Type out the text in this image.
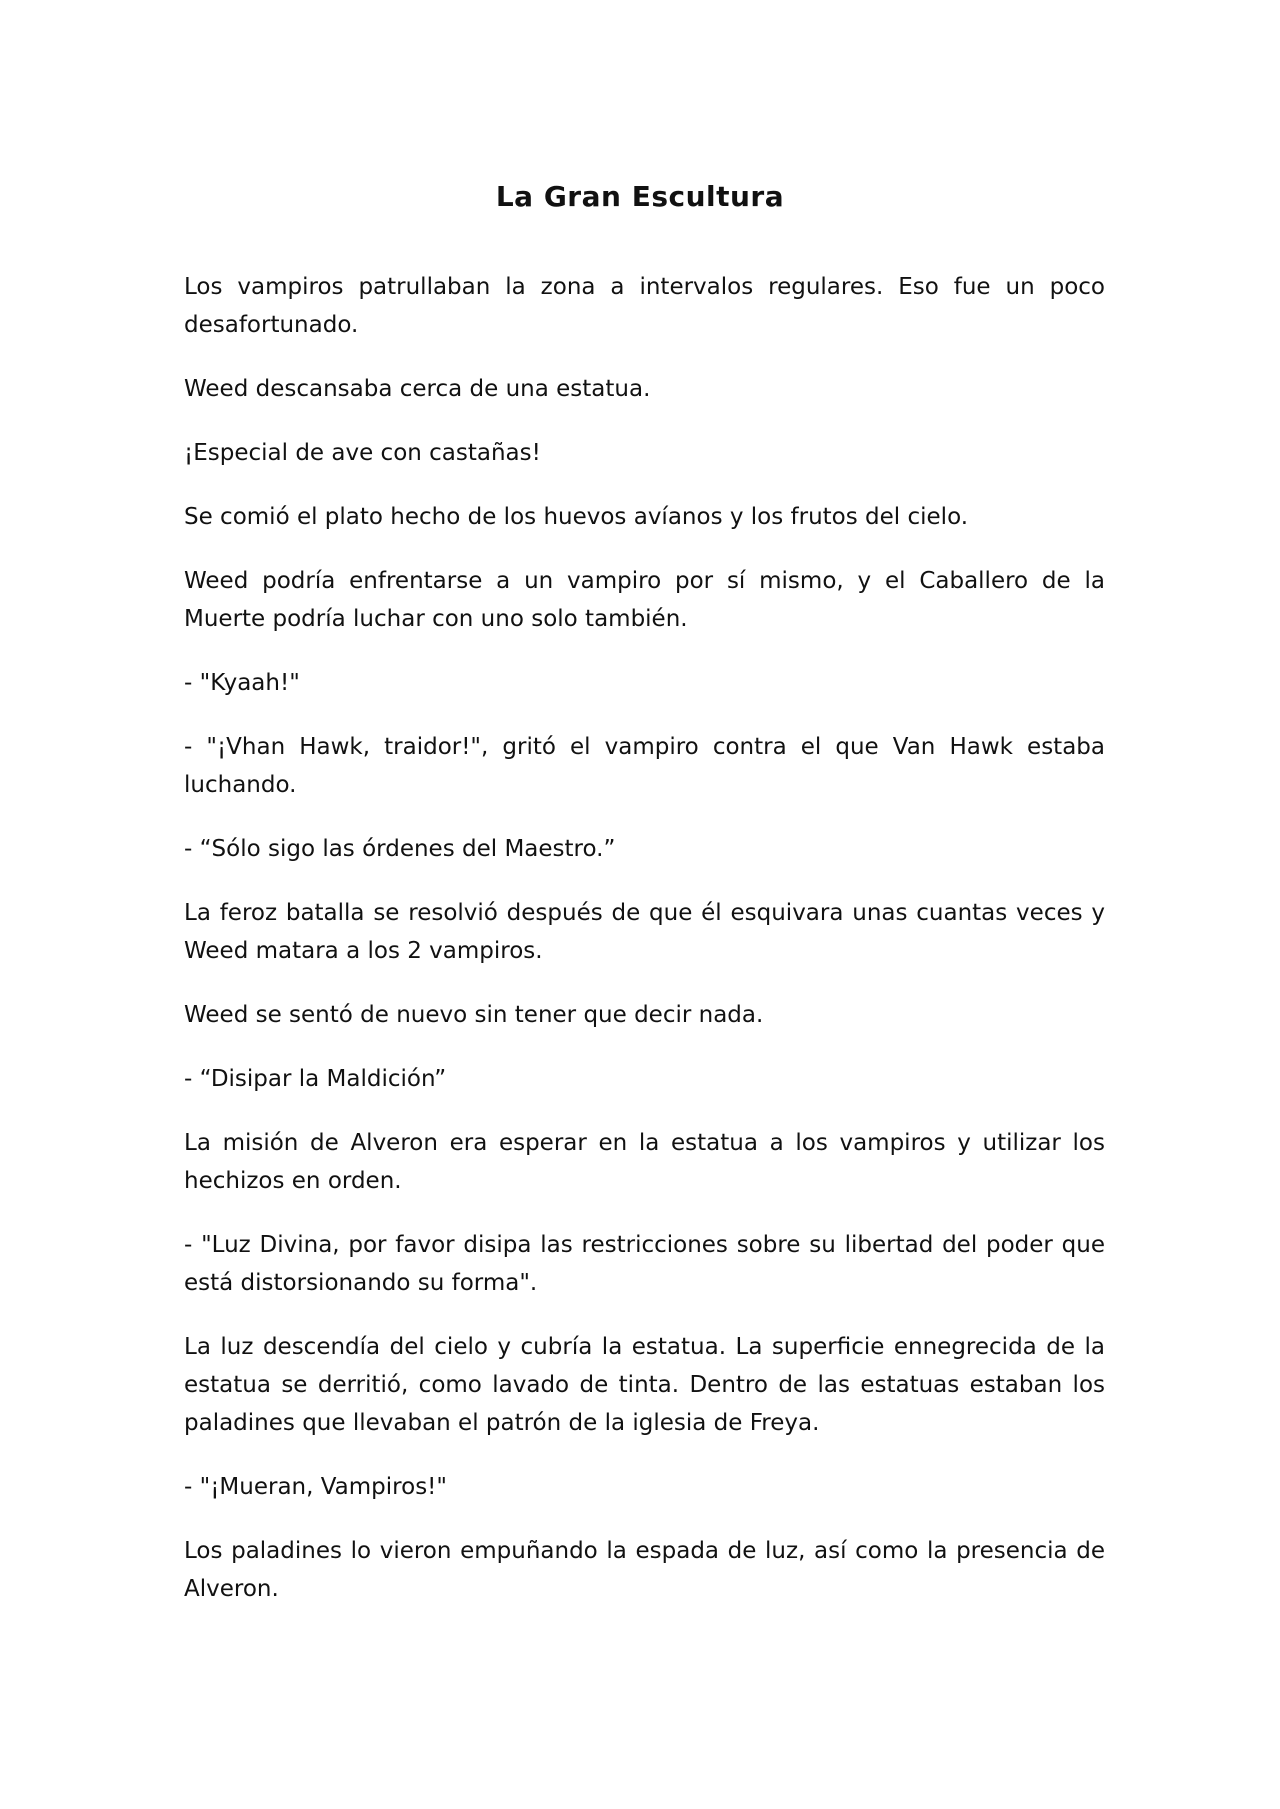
La Gran Escultura

Los vampiros patrullaban la zona a intervalos regulares. Eso fue un poco desafortunado.

Weed descansaba cerca de una estatua.

¡Especial de ave con castañas!

Se comió el plato hecho de los huevos avíanos y los frutos del cielo.

Weed podría enfrentarse a un vampiro por sí mismo, y el Caballero de la Muerte podría luchar con uno solo también.

- "Kyaah!"

- "¡Vhan Hawk, traidor!", gritó el vampiro contra el que Van Hawk estaba luchando.

- “Sólo sigo las órdenes del Maestro.”

La feroz batalla se resolvió después de que él esquivara unas cuantas veces y Weed matara a los 2 vampiros.

Weed se sentó de nuevo sin tener que decir nada.

- “Disipar la Maldición”

La misión de Alveron era esperar en la estatua a los vampiros y utilizar los hechizos en orden.

- "Luz Divina, por favor disipa las restricciones sobre su libertad del poder que está distorsionando su forma".

La luz descendía del cielo y cubría la estatua. La superficie ennegrecida de la estatua se derritió, como lavado de tinta. Dentro de las estatuas estaban los paladines que llevaban el patrón de la iglesia de Freya.

- "¡Mueran, Vampiros!"

Los paladines lo vieron empuñando la espada de luz, así como la presencia de Alveron.
